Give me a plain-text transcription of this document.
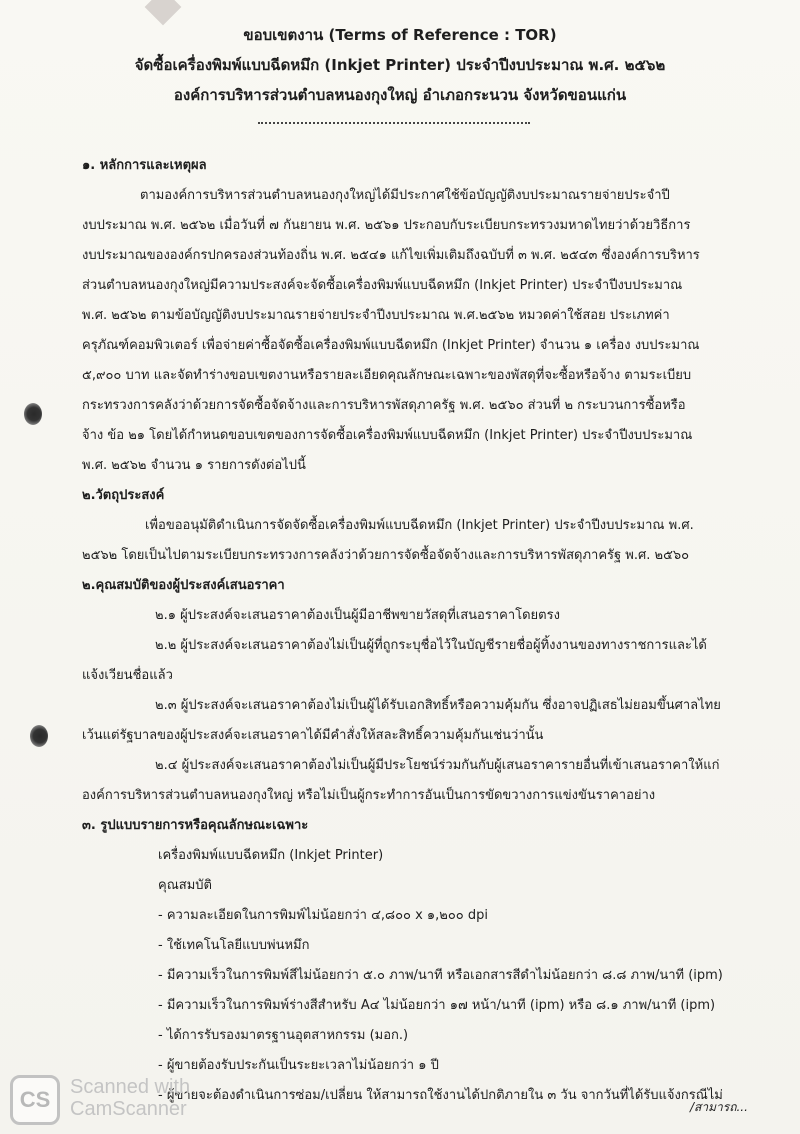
ขอบเขตงาน (Terms of Reference : TOR)
จัดซื้อเครื่องพิมพ์แบบฉีดหมึก (Inkjet Printer) ประจำปีงบประมาณ พ.ศ. ๒๕๖๒
องค์การบริหารส่วนตำบลหนองกุงใหญ่ อำเภอกระนวน จังหวัดขอนแก่น
๑. หลักการและเหตุผล
ตามองค์การบริหารส่วนตำบลหนองกุงใหญ่ได้มีประกาศใช้ข้อบัญญัติงบประมาณรายจ่ายประจำปี
งบประมาณ พ.ศ. ๒๕๖๒ เมื่อวันที่ ๗ กันยายน พ.ศ. ๒๕๖๑ ประกอบกับระเบียบกระทรวงมหาดไทยว่าด้วยวิธีการ
งบประมาณขององค์กรปกครองส่วนท้องถิ่น พ.ศ. ๒๕๔๑ แก้ไขเพิ่มเติมถึงฉบับที่ ๓ พ.ศ. ๒๕๔๓ ซึ่งองค์การบริหาร
ส่วนตำบลหนองกุงใหญ่มีความประสงค์จะจัดซื้อเครื่องพิมพ์แบบฉีดหมึก (Inkjet Printer) ประจำปีงบประมาณ
พ.ศ. ๒๕๖๒ ตามข้อบัญญัติงบประมาณรายจ่ายประจำปีงบประมาณ พ.ศ.๒๕๖๒ หมวดค่าใช้สอย ประเภทค่า
ครุภัณฑ์คอมพิวเตอร์ เพื่อจ่ายค่าซื้อจัดซื้อเครื่องพิมพ์แบบฉีดหมึก (Inkjet Printer) จำนวน ๑ เครื่อง งบประมาณ
๕,๙๐๐ บาท และจัดทำร่างขอบเขตงานหรือรายละเอียดคุณลักษณะเฉพาะของพัสดุที่จะซื้อหรือจ้าง ตามระเบียบ
กระทรวงการคลังว่าด้วยการจัดซื้อจัดจ้างและการบริหารพัสดุภาครัฐ พ.ศ. ๒๕๖๐ ส่วนที่ ๒ กระบวนการซื้อหรือ
จ้าง ข้อ ๒๑ โดยได้กำหนดขอบเขตของการจัดซื้อเครื่องพิมพ์แบบฉีดหมึก (Inkjet Printer) ประจำปีงบประมาณ
พ.ศ. ๒๕๖๒ จำนวน ๑ รายการดังต่อไปนี้
๒.วัตถุประสงค์
เพื่อขออนุมัติดำเนินการจัดจัดซื้อเครื่องพิมพ์แบบฉีดหมึก (Inkjet Printer) ประจำปีงบประมาณ พ.ศ.
๒๕๖๒ โดยเป็นไปตามระเบียบกระทรวงการคลังว่าด้วยการจัดซื้อจัดจ้างและการบริหารพัสดุภาครัฐ พ.ศ. ๒๕๖๐
๒.คุณสมบัติของผู้ประสงค์เสนอราคา
๒.๑ ผู้ประสงค์จะเสนอราคาต้องเป็นผู้มีอาชีพขายวัสดุที่เสนอราคาโดยตรง
๒.๒ ผู้ประสงค์จะเสนอราคาต้องไม่เป็นผู้ที่ถูกระบุชื่อไว้ในบัญชีรายชื่อผู้ทิ้งงานของทางราชการและได้
แจ้งเวียนชื่อแล้ว
๒.๓ ผู้ประสงค์จะเสนอราคาต้องไม่เป็นผู้ได้รับเอกสิทธิ์หรือความคุ้มกัน ซึ่งอาจปฏิเสธไม่ยอมขึ้นศาลไทย
เว้นแต่รัฐบาลของผู้ประสงค์จะเสนอราคาได้มีคำสั่งให้สละสิทธิ์ความคุ้มกันเช่นว่านั้น
๒.๔ ผู้ประสงค์จะเสนอราคาต้องไม่เป็นผู้มีประโยชน์ร่วมกันกับผู้เสนอราคารายอื่นที่เข้าเสนอราคาให้แก่
องค์การบริหารส่วนตำบลหนองกุงใหญ่ หรือไม่เป็นผู้กระทำการอันเป็นการขัดขวางการแข่งขันราคาอย่าง
๓. รูปแบบรายการหรือคุณลักษณะเฉพาะ
เครื่องพิมพ์แบบฉีดหมึก (Inkjet Printer)
คุณสมบัติ
- ความละเอียดในการพิมพ์ไม่น้อยกว่า ๔,๘๐๐ x ๑,๒๐๐ dpi
- ใช้เทคโนโลยีแบบพ่นหมึก
- มีความเร็วในการพิมพ์สีไม่น้อยกว่า ๕.๐ ภาพ/นาที หรือเอกสารสีดำไม่น้อยกว่า ๘.๘ ภาพ/นาที (ipm)
- มีความเร็วในการพิมพ์ร่างสีสำหรับ A๔ ไม่น้อยกว่า ๑๗ หน้า/นาที (ipm) หรือ ๘.๑ ภาพ/นาที (ipm)
- ได้การรับรองมาตรฐานอุตสาหกรรม (มอก.)
- ผู้ขายต้องรับประกันเป็นระยะเวลาไม่น้อยกว่า ๑ ปี
- ผู้ขายจะต้องดำเนินการซ่อม/เปลี่ยน ให้สามารถใช้งานได้ปกติภายใน ๓ วัน จากวันที่ได้รับแจ้งกรณีไม่
CS Scanned with
CamScanner	/สามารถ...
